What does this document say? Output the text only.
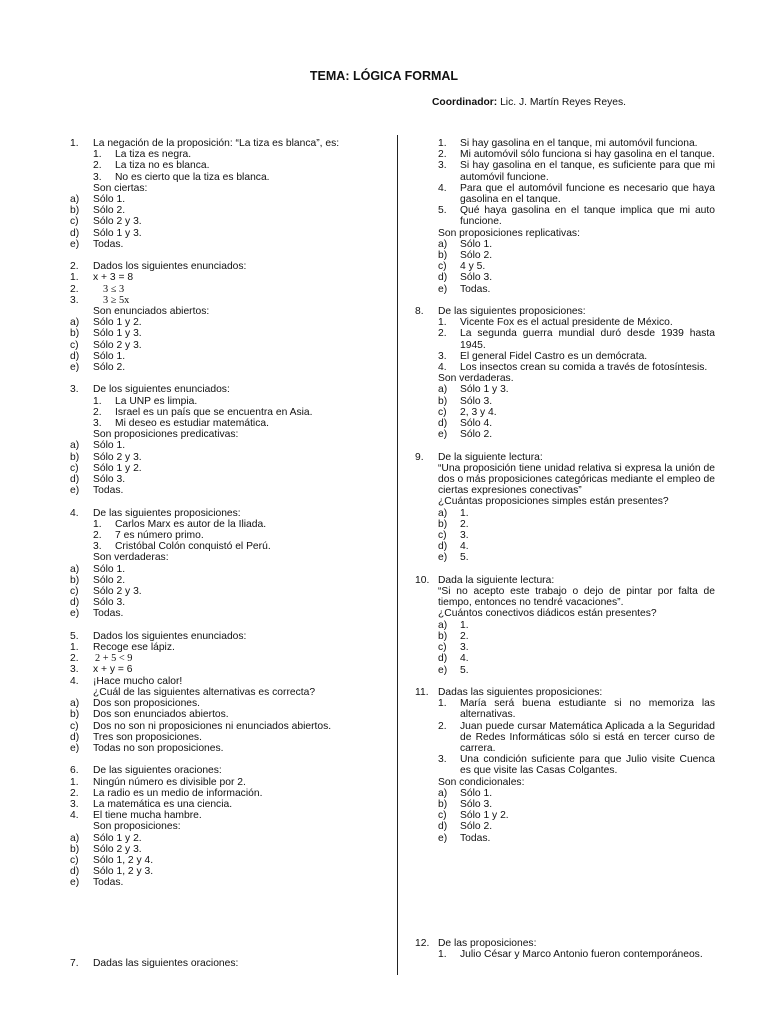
TEMA: LÓGICA FORMAL
Coordinador: Lic. J. Martín Reyes Reyes.
1.	La negación de la proposición: “La tiza es blanca”, es:
1.	La tiza es negra.
2.	La tiza no es blanca.
3.	No es cierto que la tiza es blanca.
Son ciertas:
a)	Sólo 1.
b)	Sólo 2.
c)	Sólo 2 y 3.
d)	Sólo 1 y 3.
e)	Todas.
2.	Dados los siguientes enunciados:
1.	x + 3 = 8
2.	3 ≤ 3
3.	3 ≥ 5x
Son enunciados abiertos:
a)	Sólo 1 y 2.
b)	Sólo 1 y 3.
c)	Sólo 2 y 3.
d)	Sólo 1.
e)	Sólo 2.
3.	De los siguientes enunciados:
1.	La UNP es limpia.
2.	Israel es un país que se encuentra en Asia.
3.	Mi deseo es estudiar matemática.
Son proposiciones predicativas:
a)	Sólo 1.
b)	Sólo 2 y 3.
c)	Sólo 1 y 2.
d)	Sólo 3.
e)	Todas.
4.	De las siguientes proposiciones:
1.	Carlos Marx es autor de la Iliada.
2.	7 es número primo.
3.	Cristóbal Colón conquistó el Perú.
Son verdaderas:
a)	Sólo 1.
b)	Sólo 2.
c)	Sólo 2 y 3.
d)	Sólo 3.
e)	Todas.
5.	Dados los siguientes enunciados:
1.	Recoge ese lápiz.
2.	2 + 5 < 9
3.	x + y = 6
4.	¡Hace mucho calor!
¿Cuál de las siguientes alternativas es correcta?
a)	Dos son proposiciones.
b)	Dos son enunciados abiertos.
c)	Dos no son ni proposiciones ni enunciados abiertos.
d)	Tres son proposiciones.
e)	Todas no son proposiciones.
6.	De las siguientes oraciones:
1.	Ningún número es divisible por 2.
2.	La radio es un medio de información.
3.	La matemática es una ciencia.
4.	El tiene mucha hambre.
Son proposiciones:
a)	Sólo 1 y 2.
b)	Sólo 2 y 3.
c)	Sólo 1, 2 y 4.
d)	Sólo 1, 2 y 3.
e)	Todas.
7.	Dadas las siguientes oraciones:
1.	Si hay gasolina en el tanque, mi automóvil funciona.
2.	Mi automóvil sólo funciona si hay gasolina en el tanque.
3.	Si hay gasolina en el tanque, es suficiente para que mi automóvil funcione.
4.	Para que el automóvil funcione es necesario que haya gasolina en el tanque.
5.	Qué haya gasolina en el tanque implica que mi auto funcione.
Son proposiciones replicativas:
a)	Sólo 1.
b)	Sólo 2.
c)	4 y 5.
d)	Sólo 3.
e)	Todas.
8.	De las siguientes proposiciones:
1.	Vicente Fox es el actual presidente de México.
2.	La segunda guerra mundial duró desde 1939 hasta 1945.
3.	El general Fidel Castro es un demócrata.
4.	Los insectos crean su comida a través de fotosíntesis.
Son verdaderas.
a)	Sólo 1 y 3.
b)	Sólo 3.
c)	2, 3 y 4.
d)	Sólo 4.
e)	Sólo 2.
9.	De la siguiente lectura:
“Una proposición tiene unidad relativa si expresa la unión de dos o más proposiciones categóricas mediante el empleo de ciertas expresiones conectivas”
¿Cuántas proposiciones simples están presentes?
a)	1.
b)	2.
c)	3.
d)	4.
e)	5.
10. Dada la siguiente lectura:
“Si no acepto este trabajo o dejo de pintar por falta de tiempo, entonces no tendré vacaciones”.
¿Cuántos conectivos diádicos están presentes?
a)	1.
b)	2.
c)	3.
d)	4.
e)	5.
11. Dadas las siguientes proposiciones:
1.	María será buena estudiante si no memoriza las alternativas.
2.	Juan puede cursar Matemática Aplicada a la Seguridad de Redes Informáticas sólo si está en tercer curso de carrera.
3.	Una condición suficiente para que Julio visite Cuenca es que visite las Casas Colgantes.
Son condicionales:
a)	Sólo 1.
b)	Sólo 3.
c)	Sólo 1 y 2.
d)	Sólo 2.
e)	Todas.
12. De las proposiciones:
1.	Julio César y Marco Antonio fueron contemporáneos.
